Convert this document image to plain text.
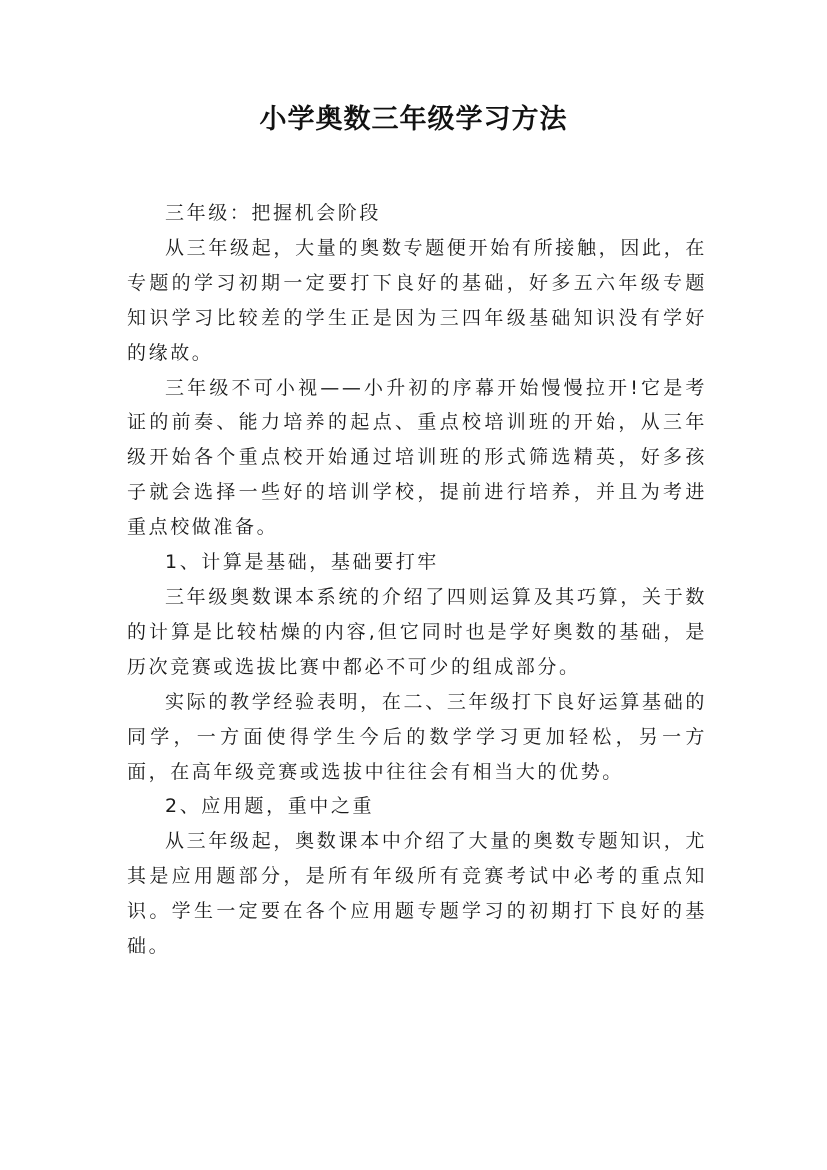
小学奥数三年级学习方法

三年级：把握机会阶段

从三年级起，大量的奥数专题便开始有所接触，因此，在专题的学习初期一定要打下良好的基础，好多五六年级专题知识学习比较差的学生正是因为三四年级基础知识没有学好的缘故。

三年级不可小视——小升初的序幕开始慢慢拉开!它是考证的前奏、能力培养的起点、重点校培训班的开始，从三年级开始各个重点校开始通过培训班的形式筛选精英，好多孩子就会选择一些好的培训学校，提前进行培养，并且为考进重点校做准备。

1、计算是基础，基础要打牢

三年级奥数课本系统的介绍了四则运算及其巧算，关于数的计算是比较枯燥的内容,但它同时也是学好奥数的基础，是历次竞赛或选拔比赛中都必不可少的组成部分。

实际的教学经验表明，在二、三年级打下良好运算基础的同学，一方面使得学生今后的数学学习更加轻松，另一方面，在高年级竞赛或选拔中往往会有相当大的优势。

2、应用题，重中之重

从三年级起，奥数课本中介绍了大量的奥数专题知识，尤其是应用题部分，是所有年级所有竞赛考试中必考的重点知识。学生一定要在各个应用题专题学习的初期打下良好的基础。
